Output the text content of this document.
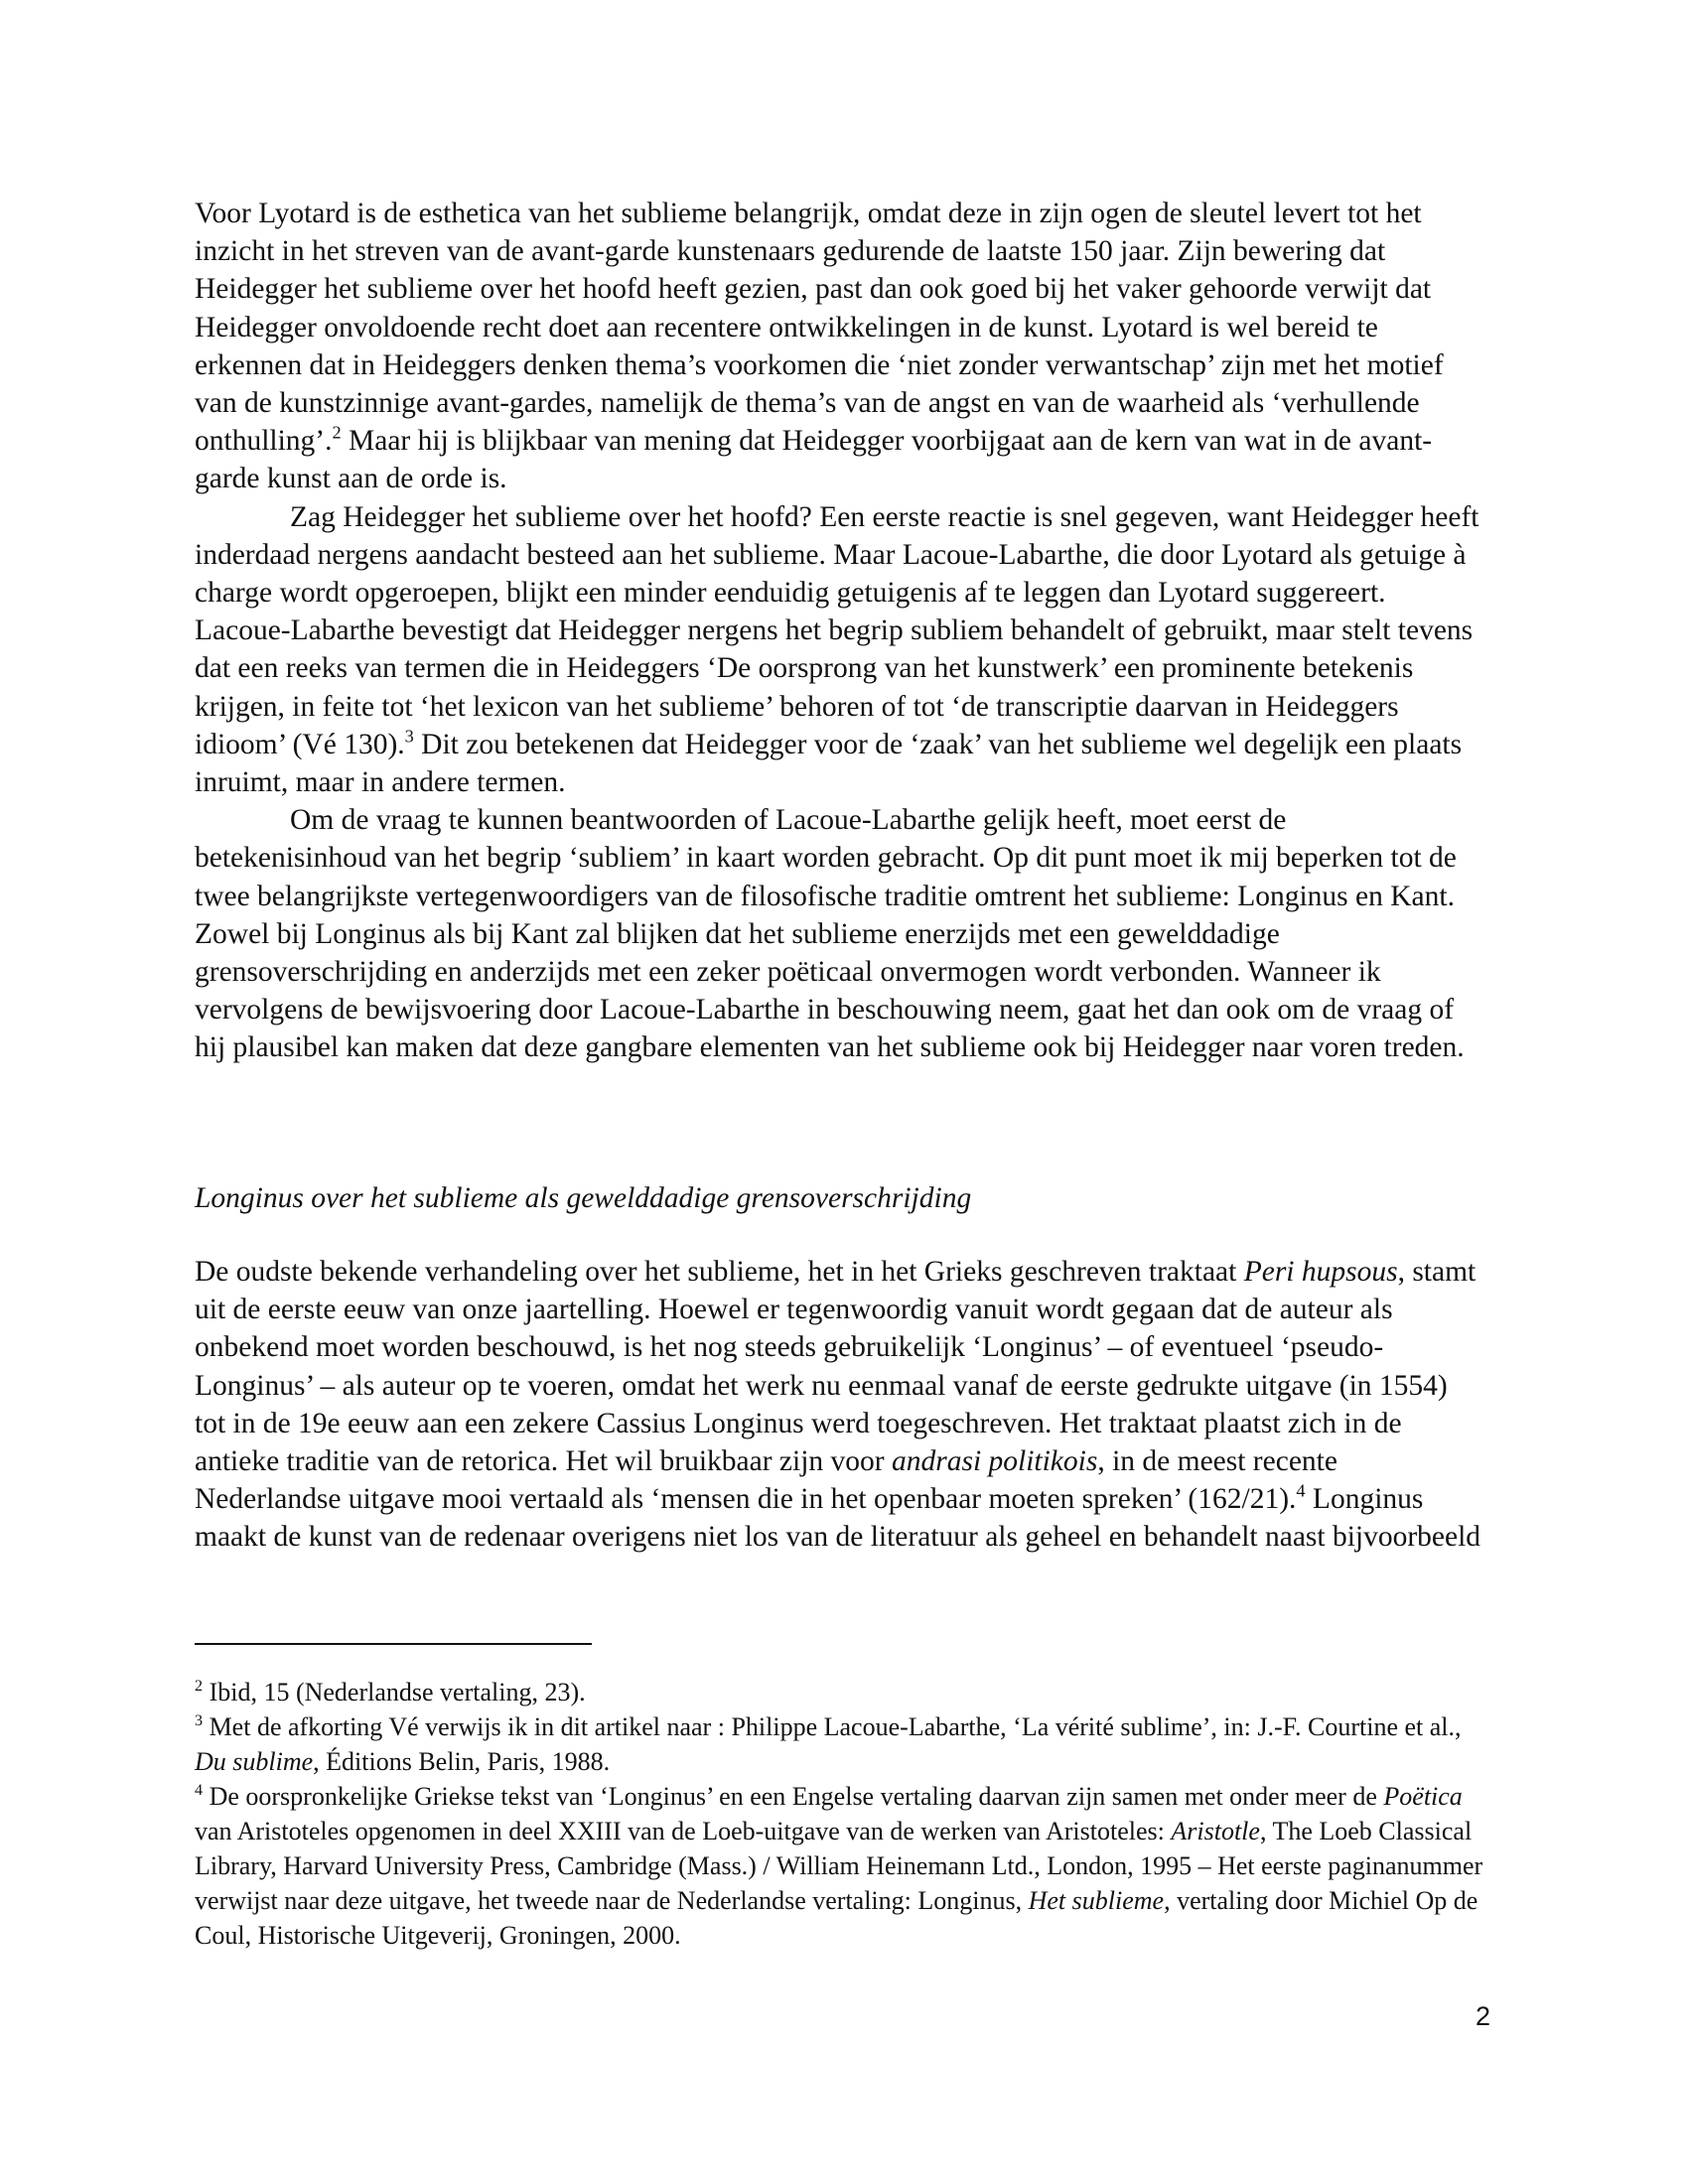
Voor Lyotard is de esthetica van het sublieme belangrijk, omdat deze in zijn ogen de sleutel levert tot het inzicht in het streven van de avant-garde kunstenaars gedurende de laatste 150 jaar. Zijn bewering dat Heidegger het sublieme over het hoofd heeft gezien, past dan ook goed bij het vaker gehoorde verwijt dat Heidegger onvoldoende recht doet aan recentere ontwikkelingen in de kunst. Lyotard is wel bereid te erkennen dat in Heideggers denken thema’s voorkomen die ‘niet zonder verwantschap’ zijn met het motief van de kunstzinnige avant-gardes, namelijk de thema’s van de angst en van de waarheid als ‘verhullende onthulling’.$^2$ Maar hij is blijkbaar van mening dat Heidegger voorbijgaat aan de kern van wat in de avant-garde kunst aan de orde is.

Zag Heidegger het sublieme over het hoofd? Een eerste reactie is snel gegeven, want Heidegger heeft inderdaad nergens aandacht besteed aan het sublieme. Maar Lacoue-Labarthe, die door Lyotard als getuige à charge wordt opgeroepen, blijkt een minder eenduidig getuigenis af te leggen dan Lyotard suggereert. Lacoue-Labarthe bevestigt dat Heidegger nergens het begrip subliem behandelt of gebruikt, maar stelt tevens dat een reeks van termen die in Heideggers ‘De oorsprong van het kunstwerk’ een prominente betekenis krijgen, in feite tot ‘het lexicon van het sublieme’ behoren of tot ‘de transcriptie daarvan in Heideggers idioom’ (Vé 130).$^3$ Dit zou betekenen dat Heidegger voor de ‘zaak’ van het sublieme wel degelijk een plaats inruimt, maar in andere termen.

Om de vraag te kunnen beantwoorden of Lacoue-Labarthe gelijk heeft, moet eerst de betekenisinhoud van het begrip ‘subliem’ in kaart worden gebracht. Op dit punt moet ik mij beperken tot de twee belangrijkste vertegenwoordigers van de filosofische traditie omtrent het sublieme: Longinus en Kant. Zowel bij Longinus als bij Kant zal blijken dat het sublieme enerzijds met een gewelddadige grensoverschrijding en anderzijds met een zeker poëticaal onvermogen wordt verbonden. Wanneer ik vervolgens de bewijsvoering door Lacoue-Labarthe in beschouwing neem, gaat het dan ook om de vraag of hij plausibel kan maken dat deze gangbare elementen van het sublieme ook bij Heidegger naar voren treden.

Longinus over het sublieme als gewelddadige grensoverschrijding

De oudste bekende verhandeling over het sublieme, het in het Grieks geschreven traktaat Peri hupsous, stamt uit de eerste eeuw van onze jaartelling. Hoewel er tegenwoordig vanuit wordt gegaan dat de auteur als onbekend moet worden beschouwd, is het nog steeds gebruikelijk ‘Longinus’ – of eventueel ‘pseudo-Longinus’ – als auteur op te voeren, omdat het werk nu eenmaal vanaf de eerste gedrukte uitgave (in 1554) tot in de 19e eeuw aan een zekere Cassius Longinus werd toegeschreven. Het traktaat plaatst zich in de antieke traditie van de retorica. Het wil bruikbaar zijn voor andrasi politikois, in de meest recente Nederlandse uitgave mooi vertaald als ‘mensen die in het openbaar moeten spreken’ (162/21).$^4$ Longinus maakt de kunst van de redenaar overigens niet los van de literatuur als geheel en behandelt naast bijvoorbeeld

$^2$ Ibid, 15 (Nederlandse vertaling, 23).

$^3$ Met de afkorting Vé verwijs ik in dit artikel naar : Philippe Lacoue-Labarthe, ‘La vérité sublime’, in: J.-F. Courtine et al., Du sublime, Éditions Belin, Paris, 1988.

$^4$ De oorspronkelijke Griekse tekst van ‘Longinus’ en een Engelse vertaling daarvan zijn samen met onder meer de Poëtica van Aristoteles opgenomen in deel XXIII van de Loeb-uitgave van de werken van Aristoteles: Aristotle, The Loeb Classical Library, Harvard University Press, Cambridge (Mass.) / William Heinemann Ltd., London, 1995 – Het eerste paginanummer verwijst naar deze uitgave, het tweede naar de Nederlandse vertaling: Longinus, Het sublieme, vertaling door Michiel Op de Coul, Historische Uitgeverij, Groningen, 2000.

2
